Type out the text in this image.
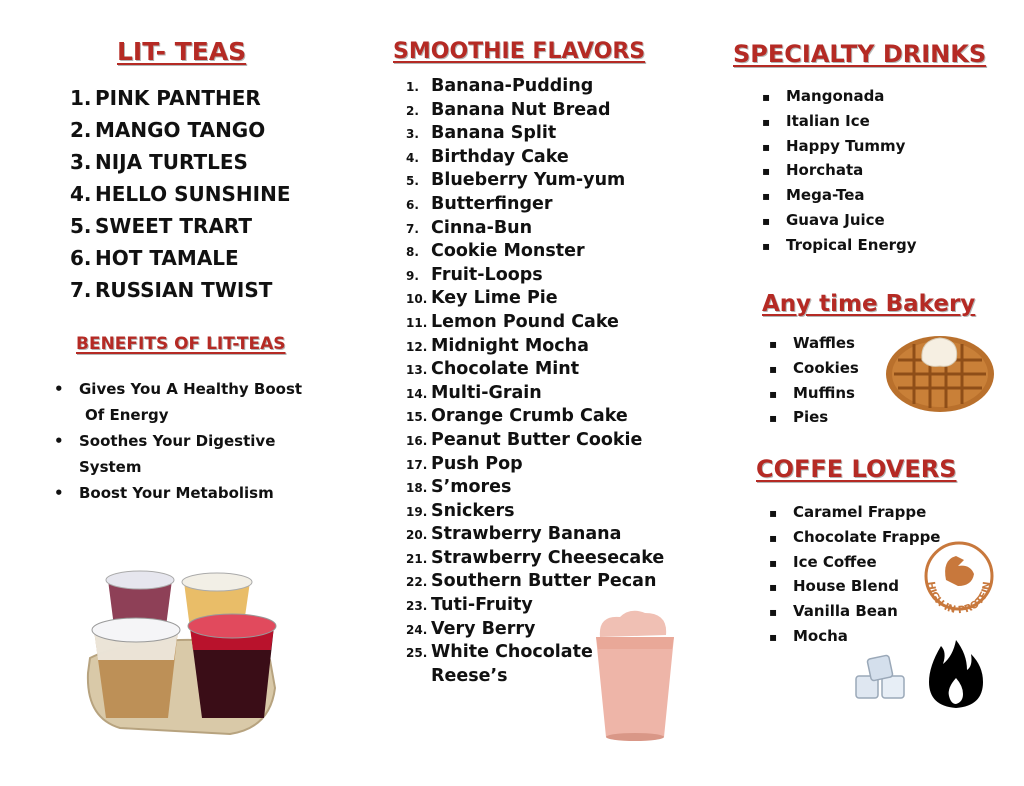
LIT- TEAS
1. PINK PANTHER
2. MANGO TANGO
3. NIJA TURTLES
4. HELLO SUNSHINE
5. SWEET TRART
6. HOT TAMALE
7. RUSSIAN TWIST
BENEFITS OF LIT-TEAS
•	Gives You A Healthy Boost
Of Energy
•	Soothes Your Digestive
System
•	Boost Your Metabolism
SMOOTHIE FLAVORS
1. Banana-Pudding
2. Banana Nut Bread
3. Banana Split
4. Birthday Cake
5. Blueberry Yum-yum
6. Butterfinger
7. Cinna-Bun
8. Cookie Monster
9. Fruit-Loops
10. Key Lime Pie
11. Lemon Pound Cake
12. Midnight Mocha
13. Chocolate Mint
14. Multi-Grain
15. Orange Crumb Cake
16. Peanut Butter Cookie
17. Push Pop
18. S’mores
19. Snickers
20. Strawberry Banana
21. Strawberry Cheesecake
22. Southern Butter Pecan
23. Tuti-Fruity
24. Very Berry
25. White Chocolate
Reese’s
SPECIALTY DRINKS
▪	Mangonada
▪	Italian Ice
▪	Happy Tummy
▪	Horchata
▪	Mega-Tea
▪	Guava Juice
▪	Tropical Energy
Any time Bakery
▪	Waffles
▪	Cookies
▪	Muffins
▪	Pies
COFFE LOVERS
▪	Caramel Frappe
▪	Chocolate Frappe
▪	Ice Coffee
▪	House Blend
▪	Vanilla Bean
▪	Mocha
HIGH IN PROTEIN
